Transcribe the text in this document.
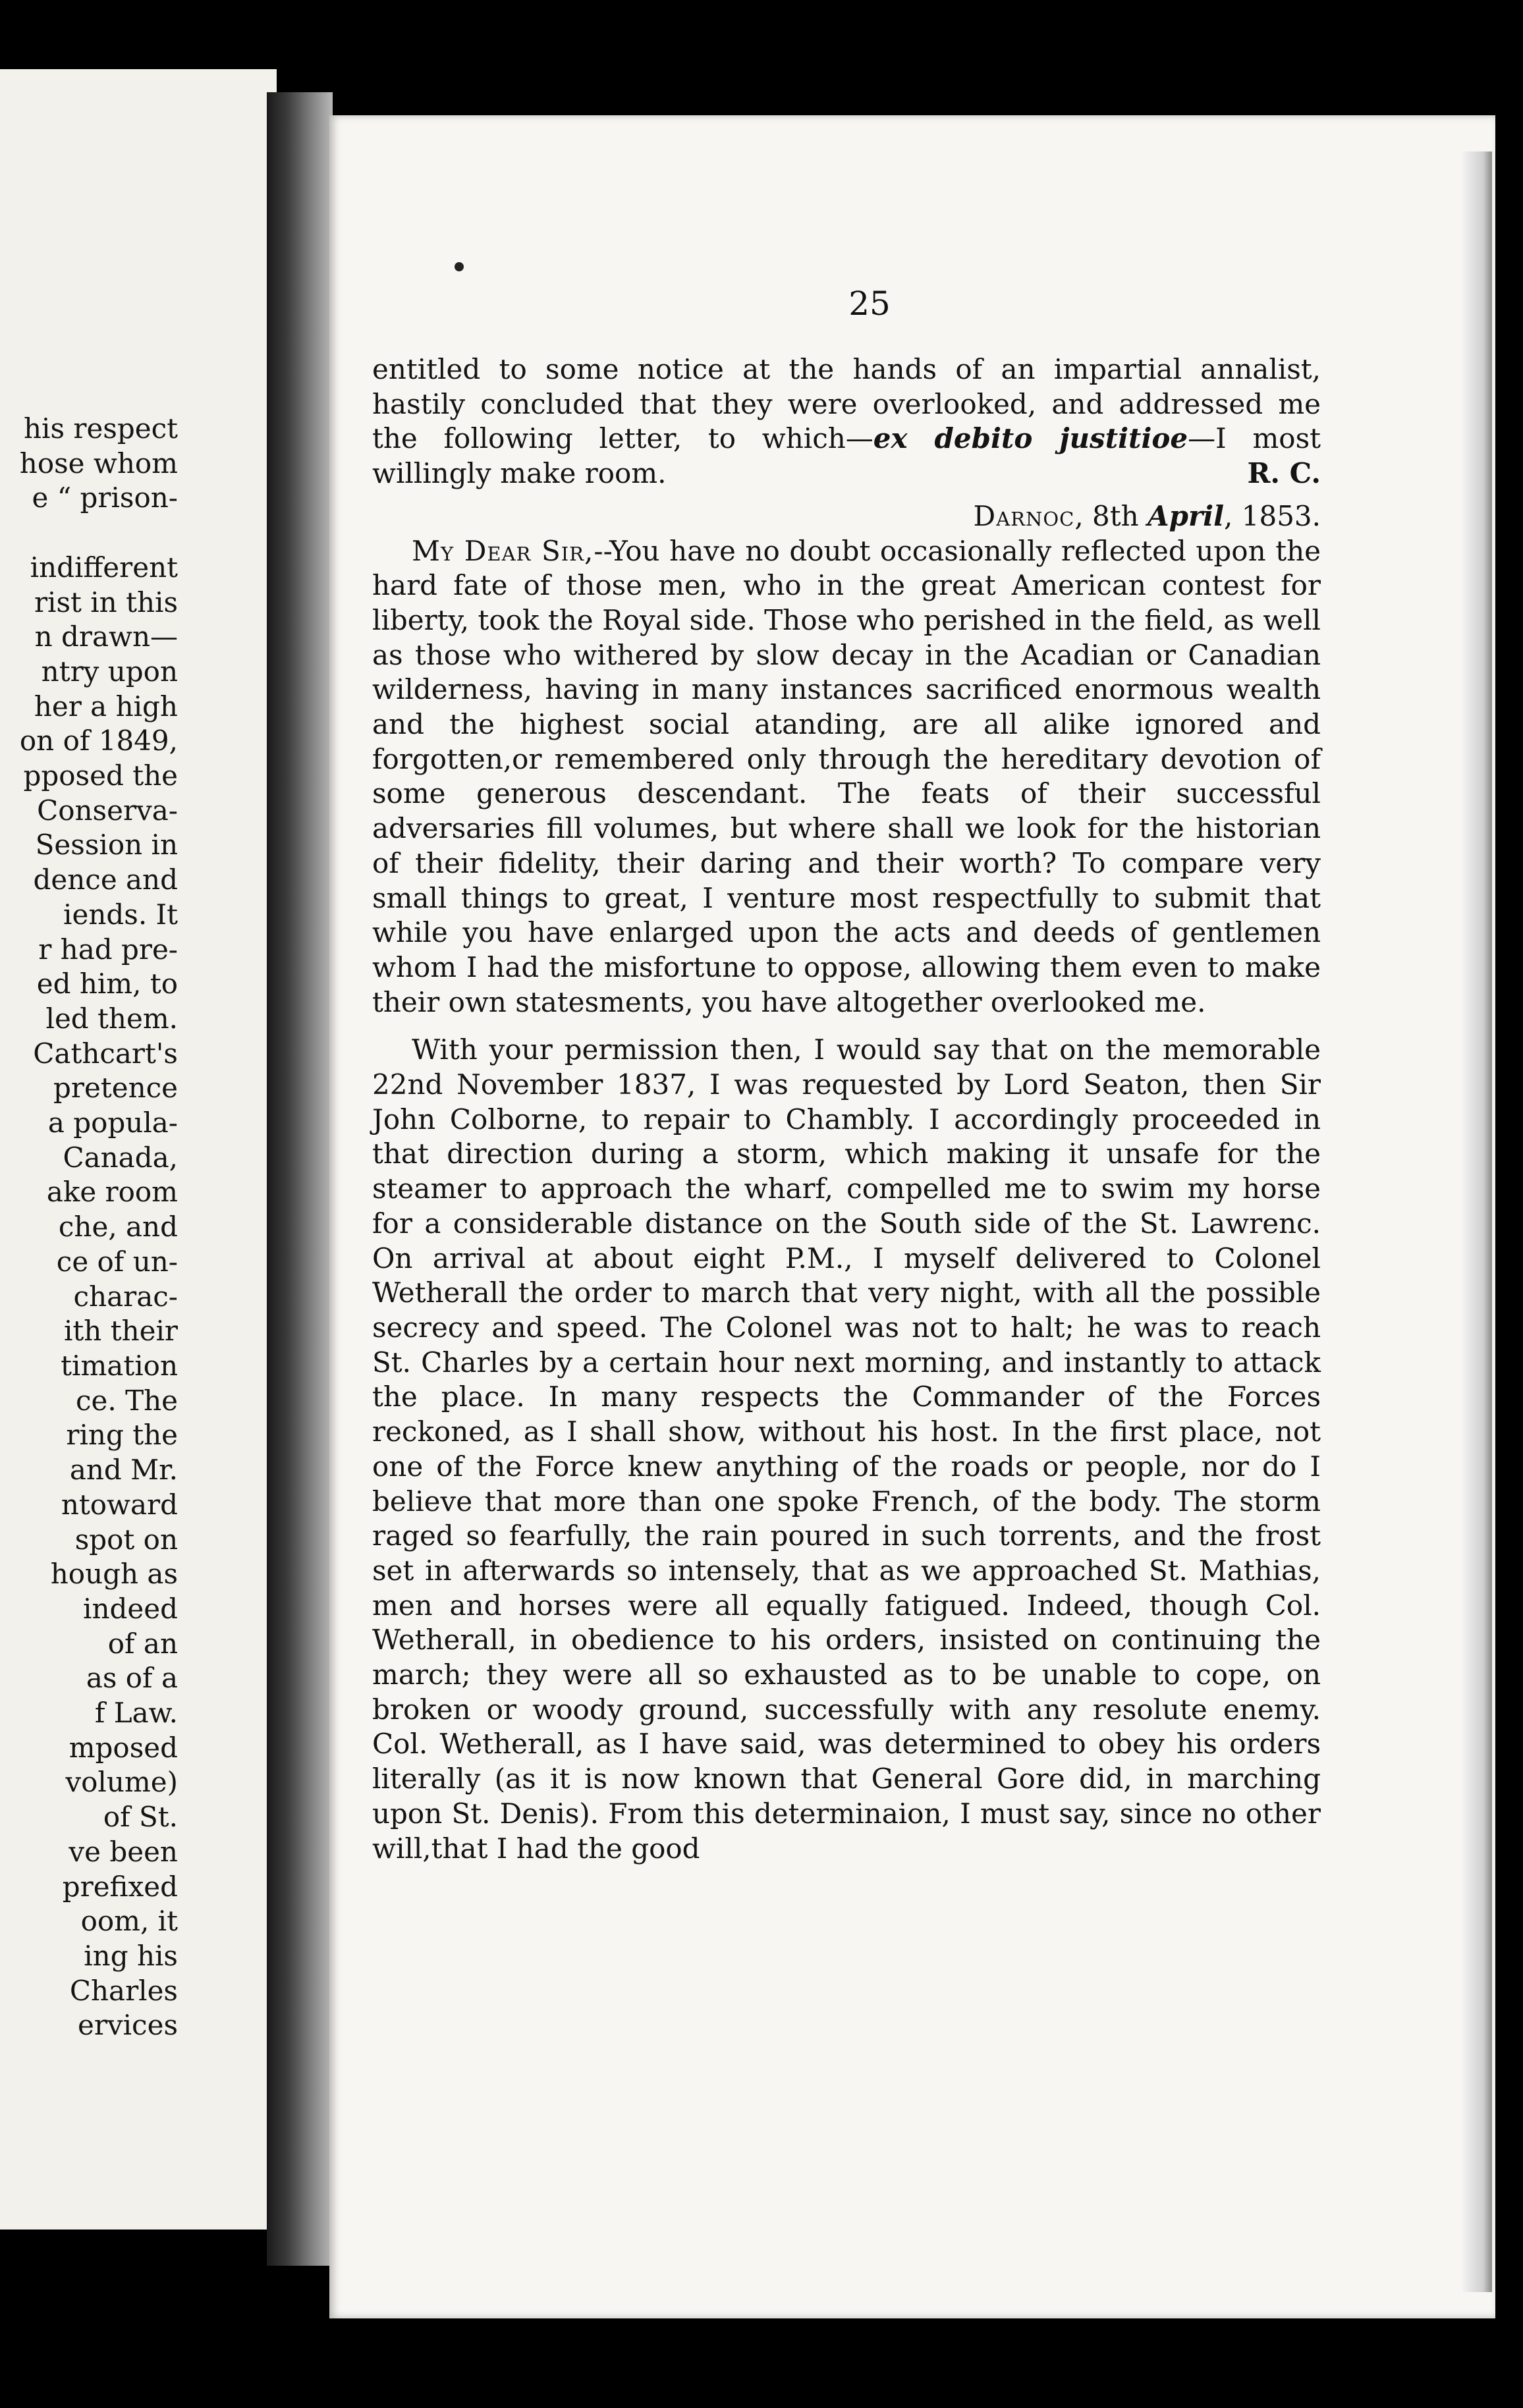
his respect
hose whom
e “ prison-

indifferent
rist in this
n drawn—
ntry upon
her a high
on of 1849,
pposed the
Conserva-
Session in
dence and
iends. It
r had pre-
ed him, to
led them.
Cathcart's
pretence
a popula-
Canada,
ake room
che, and
ce of un-
charac-
ith their
timation
ce. The
ring the
and Mr.
ntoward
spot on
hough as
indeed
of an
as of a
f Law.
mposed
volume)
of St.
ve been
prefixed
oom, it
ing his
Charles
ervices
25

entitled to some notice at the hands of an impartial annalist, hastily concluded that they were overlooked, and addressed me the following letter, to which—ex debito justitioe—I most willingly make room.	R. C.

Darnoc, 8th April, 1853.

My Dear Sir,--You have no doubt occasionally reflected upon the hard fate of those men, who in the great American contest for liberty, took the Royal side. Those who perished in the field, as well as those who withered by slow decay in the Acadian or Canadian wilderness, having in many instances sacrificed enormous wealth and the highest social atanding, are all alike ignored and forgotten,or remembered only through the hereditary devotion of some generous descendant. The feats of their successful adversaries fill volumes, but where shall we look for the historian of their fidelity, their daring and their worth? To compare very small things to great, I venture most respectfully to submit that while you have enlarged upon the acts and deeds of gentlemen whom I had the misfortune to oppose, allowing them even to make their own statesments, you have altogether overlooked me.

With your permission then, I would say that on the memorable 22nd November 1837, I was requested by Lord Seaton, then Sir John Colborne, to repair to Chambly. I accordingly proceeded in that direction during a storm, which making it unsafe for the steamer to approach the wharf, compelled me to swim my horse for a considerable distance on the South side of the St. Lawrenc. On arrival at about eight P.M., I myself delivered to Colonel Wetherall the order to march that very night, with all the possible secrecy and speed. The Colonel was not to halt; he was to reach St. Charles by a certain hour next morning, and instantly to attack the place. In many respects the Commander of the Forces reckoned, as I shall show, without his host. In the first place, not one of the Force knew anything of the roads or people, nor do I believe that more than one spoke French, of the body. The storm raged so fearfully, the rain poured in such torrents, and the frost set in afterwards so intensely, that as we approached St. Mathias, men and horses were all equally fatigued. Indeed, though Col. Wetherall, in obedience to his orders, insisted on continuing the march; they were all so exhausted as to be unable to cope, on broken or woody ground, successfully with any resolute enemy. Col. Wetherall, as I have said, was determined to obey his orders literally (as it is now known that General Gore did, in marching upon St. Denis). From this determinaion, I must say, since no other will,that I had the good
